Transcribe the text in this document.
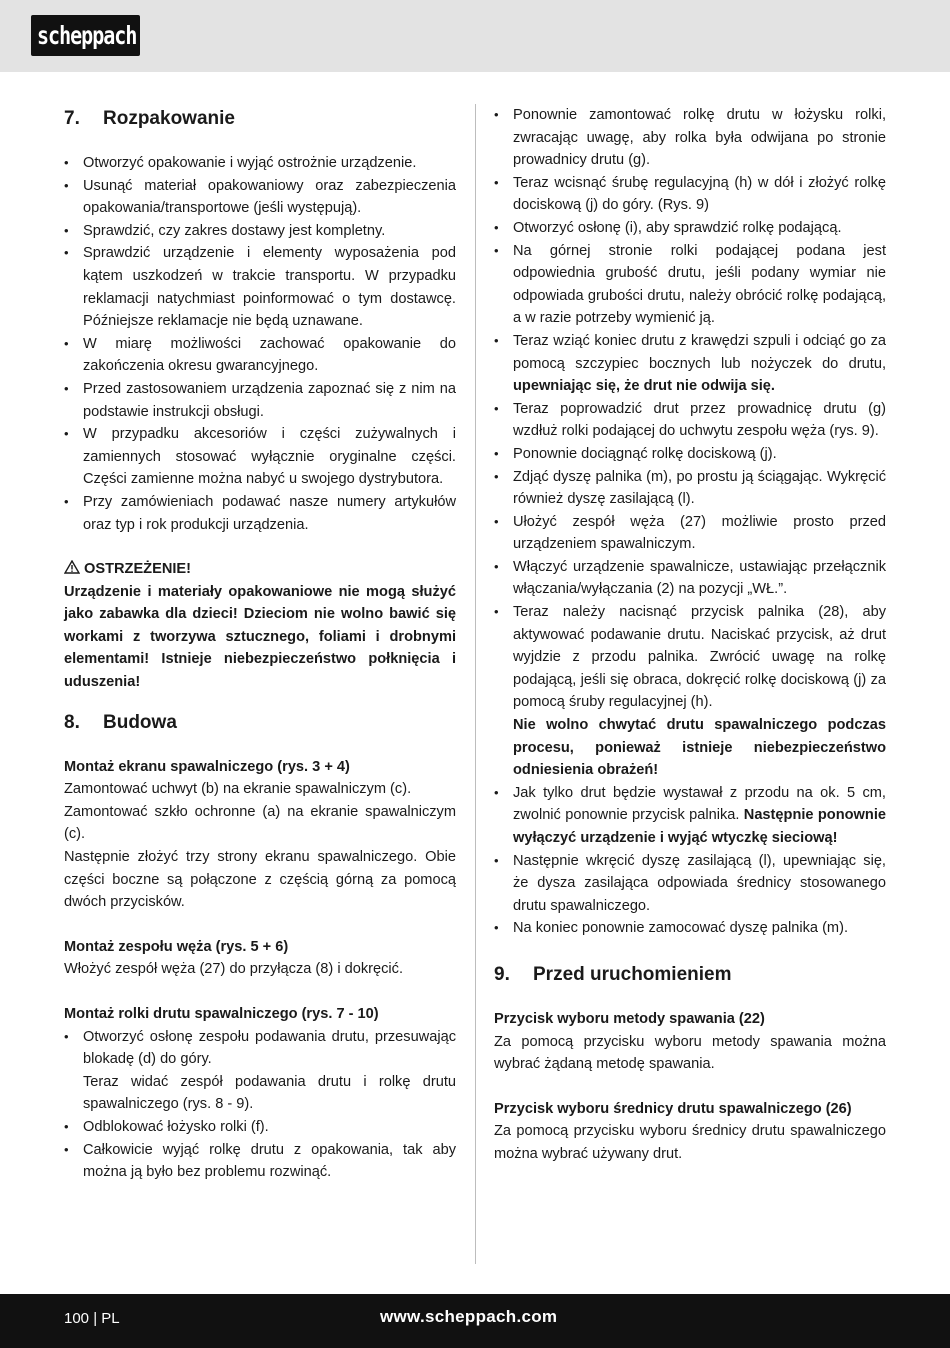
scheppach
7. Rozpakowanie
• Otworzyć opakowanie i wyjąć ostrożnie urządzenie.
• Usunąć materiał opakowaniowy oraz zabezpieczenia opakowania/transportowe (jeśli występują).
• Sprawdzić, czy zakres dostawy jest kompletny.
• Sprawdzić urządzenie i elementy wyposażenia pod kątem uszkodzeń w trakcie transportu. W przypadku reklamacji natychmiast poinformować o tym dostawcę. Późniejsze reklamacje nie będą uznawane.
• W miarę możliwości zachować opakowanie do zakończenia okresu gwarancyjnego.
• Przed zastosowaniem urządzenia zapoznać się z nim na podstawie instrukcji obsługi.
• W przypadku akcesoriów i części zużywalnych i zamiennych stosować wyłącznie oryginalne części. Części zamienne można nabyć u swojego dystrybutora.
• Przy zamówieniach podawać nasze numery artykułów oraz typ i rok produkcji urządzenia.
OSTRZEŻENIE!

Urządzenie i materiały opakowaniowe nie mogą służyć jako zabawka dla dzieci! Dzieciom nie wolno bawić się workami z tworzywa sztucznego, foliami i drobnymi elementami! Istnieje niebezpieczeństwo połknięcia i uduszenia!

8. Budowa

Montaż ekranu spawalniczego (rys. 3 + 4)

Zamontować uchwyt (b) na ekranie spawalniczym (c).

Zamontować szkło ochronne (a) na ekranie spawalniczym (c).

Następnie złożyć trzy strony ekranu spawalniczego. Obie części boczne są połączone z częścią górną za pomocą dwóch przycisków.

Montaż zespołu węża (rys. 5 + 6)

Włożyć zespół węża (27) do przyłącza (8) i dokręcić.

Montaż rolki drutu spawalniczego (rys. 7 - 10)

• Otworzyć osłonę zespołu podawania drutu, przesuwając blokadę (d) do góry.
Teraz widać zespół podawania drutu i rolkę drutu spawalniczego (rys. 8 - 9).
• Odblokować łożysko rolki (f).
• Całkowicie wyjąć rolkę drutu z opakowania, tak aby można ją było bez problemu rozwinąć.
• Ponownie zamontować rolkę drutu w łożysku rolki, zwracając uwagę, aby rolka była odwijana po stronie prowadnicy drutu (g).
• Teraz wcisnąć śrubę regulacyjną (h) w dół i złożyć rolkę dociskową (j) do góry. (Rys. 9)
• Otworzyć osłonę (i), aby sprawdzić rolkę podającą.
• Na górnej stronie rolki podającej podana jest odpowiednia grubość drutu, jeśli podany wymiar nie odpowiada grubości drutu, należy obrócić rolkę podającą, a w razie potrzeby wymienić ją.
• Teraz wziąć koniec drutu z krawędzi szpuli i odciąć go za pomocą szczypiec bocznych lub nożyczek do drutu, upewniając się, że drut nie odwija się.
• Teraz poprowadzić drut przez prowadnicę drutu (g) wzdłuż rolki podającej do uchwytu zespołu węża (rys. 9).
• Ponownie dociągnąć rolkę dociskową (j).
• Zdjąć dyszę palnika (m), po prostu ją ściągając. Wykręcić również dyszę zasilającą (l).
• Ułożyć zespół węża (27) możliwie prosto przed urządzeniem spawalniczym.
• Włączyć urządzenie spawalnicze, ustawiając przełącznik włączania/wyłączania (2) na pozycji „WŁ.”.
• Teraz należy nacisnąć przycisk palnika (28), aby aktywować podawanie drutu. Naciskać przycisk, aż drut wyjdzie z przodu palnika. Zwrócić uwagę na rolkę podającą, jeśli się obraca, dokręcić rolkę dociskową (j) za pomocą śruby regulacyjnej (h).
Nie wolno chwytać drutu spawalniczego podczas procesu, ponieważ istnieje niebezpieczeństwo odniesienia obrażeń!
• Jak tylko drut będzie wystawał z przodu na ok. 5 cm, zwolnić ponownie przycisk palnika. Następnie ponownie wyłączyć urządzenie i wyjąć wtyczkę sieciową!
• Następnie wkręcić dyszę zasilającą (l), upewniając się, że dysza zasilająca odpowiada średnicy stosowanego drutu spawalniczego.
• Na koniec ponownie zamocować dyszę palnika (m).
9. Przed uruchomieniem

Przycisk wyboru metody spawania (22)

Za pomocą przycisku wyboru metody spawania można wybrać żądaną metodę spawania.

Przycisk wyboru średnicy drutu spawalniczego (26)

Za pomocą przycisku wyboru średnicy drutu spawalniczego można wybrać używany drut.

100 | PL	www.scheppach.com
